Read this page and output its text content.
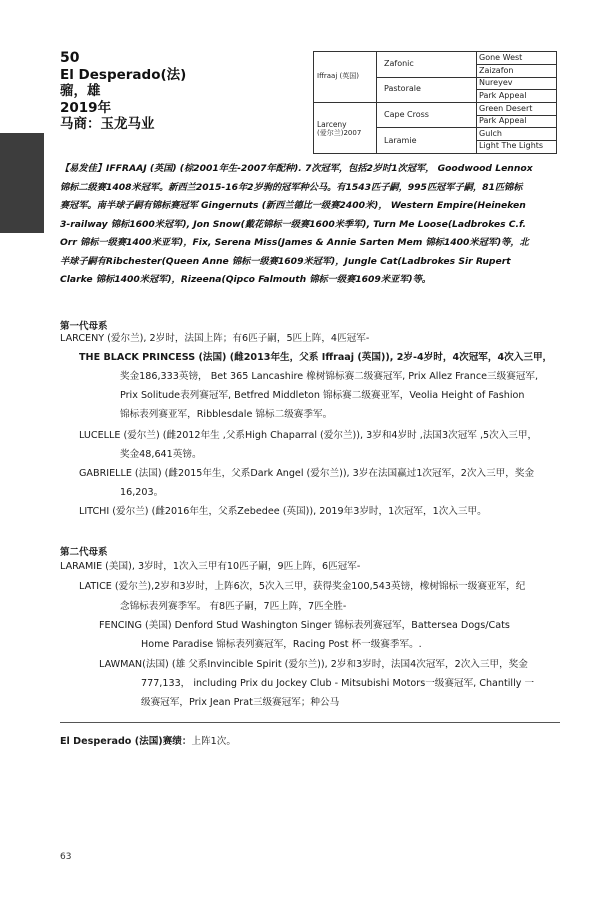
50
El Desperado(法)
骝，雄
2019年
马商：玉龙马业
Iffraaj (英国)
Larceny
(爱尔兰)2007
Zafonic
Pastorale
Cape Cross
Laramie
Gone West
Zaizafon
Nureyev
Park Appeal
Green Desert
Park Appeal
Gulch
Light The Lights
【易发佳】IFFRAAJ (英国) (棕2001年生-2007年配种). 7次冠军，包括2岁时1次冠军， Goodwood Lennox
锦标二级赛1408米冠军。新西兰2015-16年2岁驹的冠军种公马。有1543匹子嗣，995匹冠军子嗣，81匹锦标
赛冠军。南半球子嗣有锦标赛冠军 Gingernuts (新西兰德比一级赛2400米)， Western Empire(Heineken
3-railway 锦标1600米冠军), Jon Snow(戴花锦标一级赛1600米季军), Turn Me Loose(Ladbrokes C.f.
Orr 锦标一级赛1400米亚军)，Fix, Serena Miss(James & Annie Sarten Mem 锦标1400米冠军)等，北
半球子嗣有Ribchester(Queen Anne 锦标一级赛1609米冠军)，Jungle Cat(Ladbrokes Sir Rupert
Clarke 锦标1400米冠军)，Rizeena(Qipco Falmouth 锦标一级赛1609米亚军)等。
第一代母系
LARCENY (爱尔兰), 2岁时，法国上阵；有6匹子嗣，5匹上阵，4匹冠军-
THE BLACK PRINCESS (法国) (雌2013年生，父系 Iffraaj (英国)), 2岁-4岁时，4次冠军，4次入三甲，
奖金186,333英镑， Bet 365 Lancashire 橡树锦标赛二级赛冠军, Prix Allez France三级赛冠军,
Prix Solitude表列赛冠军, Betfred Middleton 锦标赛二级赛亚军，Veolia Height of Fashion
锦标表列赛亚军，Ribblesdale 锦标二级赛季军。
LUCELLE (爱尔兰) (雌2012年生 ,父系High Chaparral (爱尔兰)), 3岁和4岁时 ,法国3次冠军 ,5次入三甲，
奖金48,641英镑。
GABRIELLE (法国) (雌2015年生，父系Dark Angel (爱尔兰)), 3岁在法国赢过1次冠军，2次入三甲，奖金
16,203。
LITCHI (爱尔兰) (雌2016年生，父系Zebedee (英国)), 2019年3岁时，1次冠军，1次入三甲。
第二代母系
LARAMIE (美国), 3岁时，1次入三甲有10匹子嗣，9匹上阵，6匹冠军-
LATICE (爱尔兰),2岁和3岁时，上阵6次，5次入三甲，获得奖金100,543英镑，橡树锦标一级赛亚军，纪
念锦标表列赛季军。 有8匹子嗣，7匹上阵，7匹全胜-
FENCING (美国) Denford Stud Washington Singer 锦标表列赛冠军，Battersea Dogs/Cats
Home Paradise 锦标表列赛冠军，Racing Post 杯一级赛季军。.
LAWMAN(法国) (雄 父系Invincible Spirit (爱尔兰)), 2岁和3岁时，法国4次冠军，2次入三甲，奖金
777,133， including Prix du Jockey Club - Mitsubishi Motors一级赛冠军, Chantilly 一
级赛冠军，Prix Jean Prat三级赛冠军；种公马
El Desperado (法国)赛绩：上阵1次。
63
